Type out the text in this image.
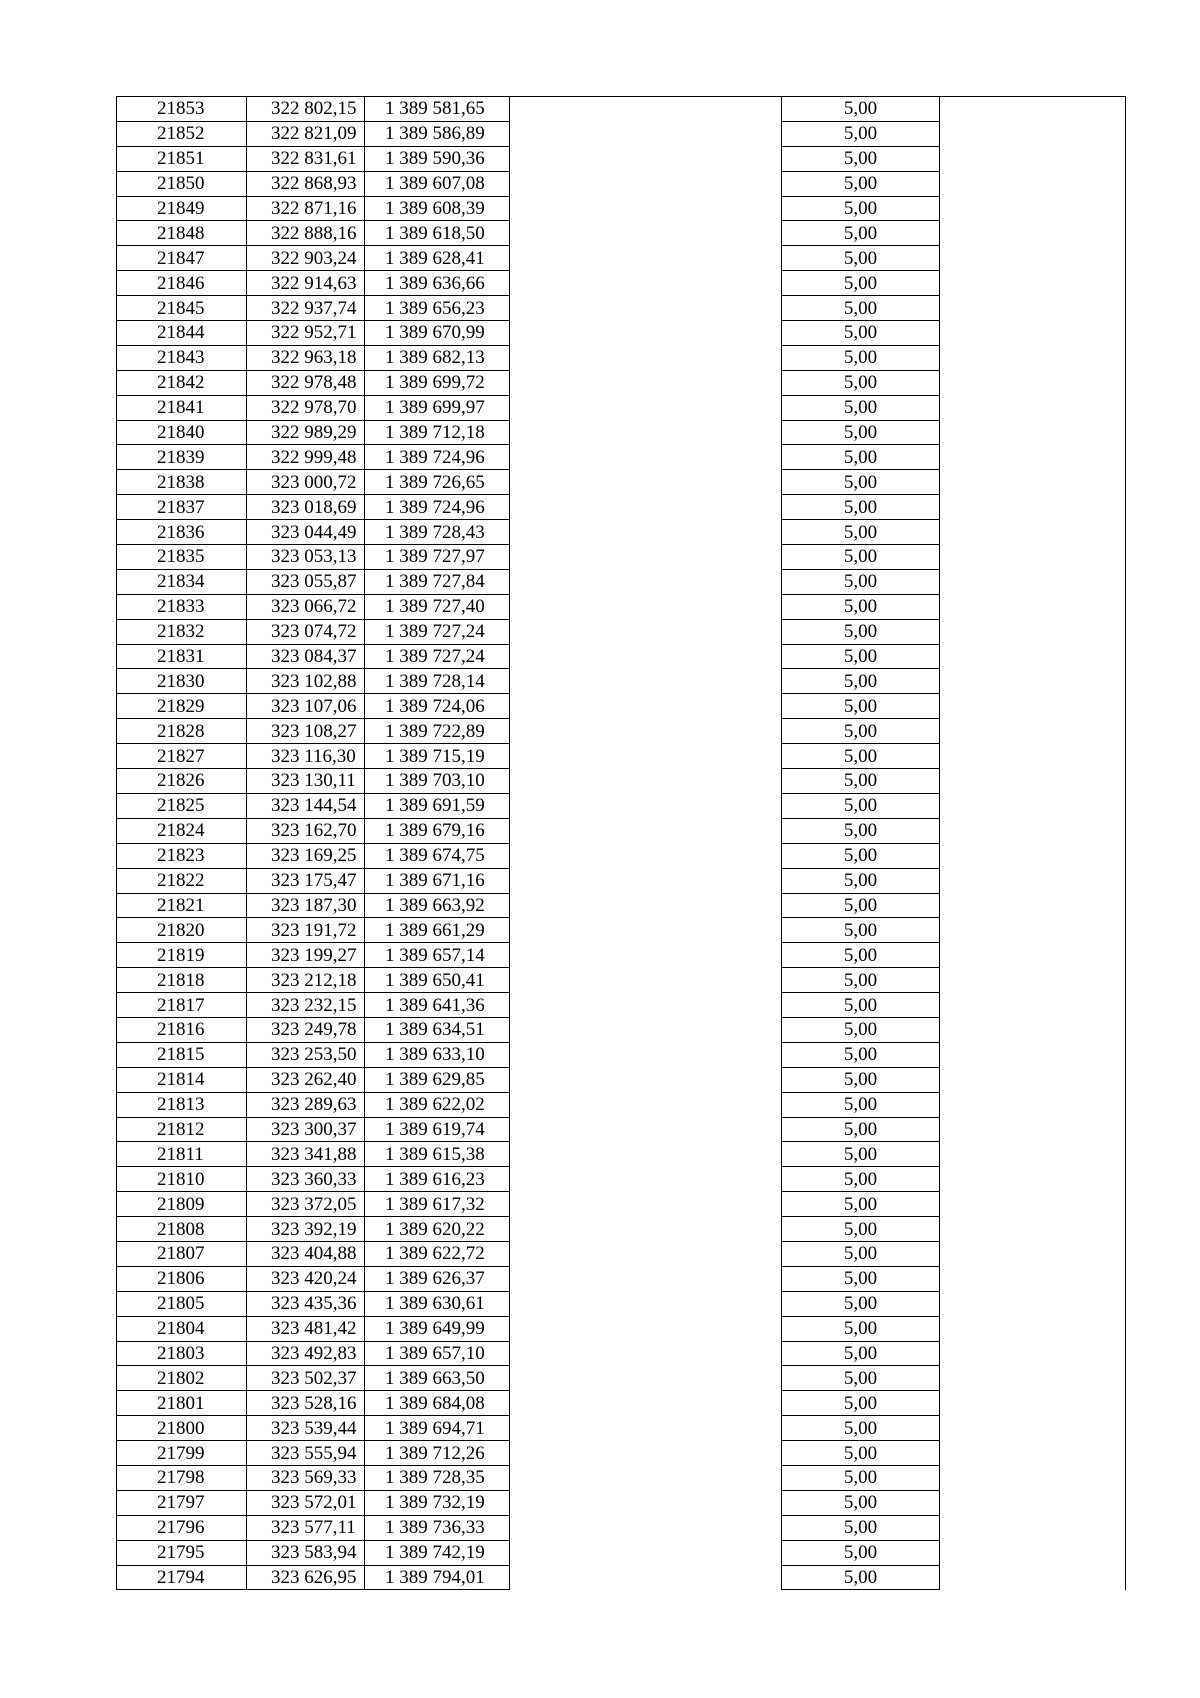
21853	322 802,15	1 389 581,65		5,00	
21852	322 821,09	1 389 586,89		5,00	
21851	322 831,61	1 389 590,36		5,00	
21850	322 868,93	1 389 607,08		5,00	
21849	322 871,16	1 389 608,39		5,00	
21848	322 888,16	1 389 618,50		5,00	
21847	322 903,24	1 389 628,41		5,00	
21846	322 914,63	1 389 636,66		5,00	
21845	322 937,74	1 389 656,23		5,00	
21844	322 952,71	1 389 670,99		5,00	
21843	322 963,18	1 389 682,13		5,00	
21842	322 978,48	1 389 699,72		5,00	
21841	322 978,70	1 389 699,97		5,00	
21840	322 989,29	1 389 712,18		5,00	
21839	322 999,48	1 389 724,96		5,00	
21838	323 000,72	1 389 726,65		5,00	
21837	323 018,69	1 389 724,96		5,00	
21836	323 044,49	1 389 728,43		5,00	
21835	323 053,13	1 389 727,97		5,00	
21834	323 055,87	1 389 727,84		5,00	
21833	323 066,72	1 389 727,40		5,00	
21832	323 074,72	1 389 727,24		5,00	
21831	323 084,37	1 389 727,24		5,00	
21830	323 102,88	1 389 728,14		5,00	
21829	323 107,06	1 389 724,06		5,00	
21828	323 108,27	1 389 722,89		5,00	
21827	323 116,30	1 389 715,19		5,00	
21826	323 130,11	1 389 703,10		5,00	
21825	323 144,54	1 389 691,59		5,00	
21824	323 162,70	1 389 679,16		5,00	
21823	323 169,25	1 389 674,75		5,00	
21822	323 175,47	1 389 671,16		5,00	
21821	323 187,30	1 389 663,92		5,00	
21820	323 191,72	1 389 661,29		5,00	
21819	323 199,27	1 389 657,14		5,00	
21818	323 212,18	1 389 650,41		5,00	
21817	323 232,15	1 389 641,36		5,00	
21816	323 249,78	1 389 634,51		5,00	
21815	323 253,50	1 389 633,10		5,00	
21814	323 262,40	1 389 629,85		5,00	
21813	323 289,63	1 389 622,02		5,00	
21812	323 300,37	1 389 619,74		5,00	
21811	323 341,88	1 389 615,38		5,00	
21810	323 360,33	1 389 616,23		5,00	
21809	323 372,05	1 389 617,32		5,00	
21808	323 392,19	1 389 620,22		5,00	
21807	323 404,88	1 389 622,72		5,00	
21806	323 420,24	1 389 626,37		5,00	
21805	323 435,36	1 389 630,61		5,00	
21804	323 481,42	1 389 649,99		5,00	
21803	323 492,83	1 389 657,10		5,00	
21802	323 502,37	1 389 663,50		5,00	
21801	323 528,16	1 389 684,08		5,00	
21800	323 539,44	1 389 694,71		5,00	
21799	323 555,94	1 389 712,26		5,00	
21798	323 569,33	1 389 728,35		5,00	
21797	323 572,01	1 389 732,19		5,00	
21796	323 577,11	1 389 736,33		5,00	
21795	323 583,94	1 389 742,19		5,00	
21794	323 626,95	1 389 794,01		5,00	
